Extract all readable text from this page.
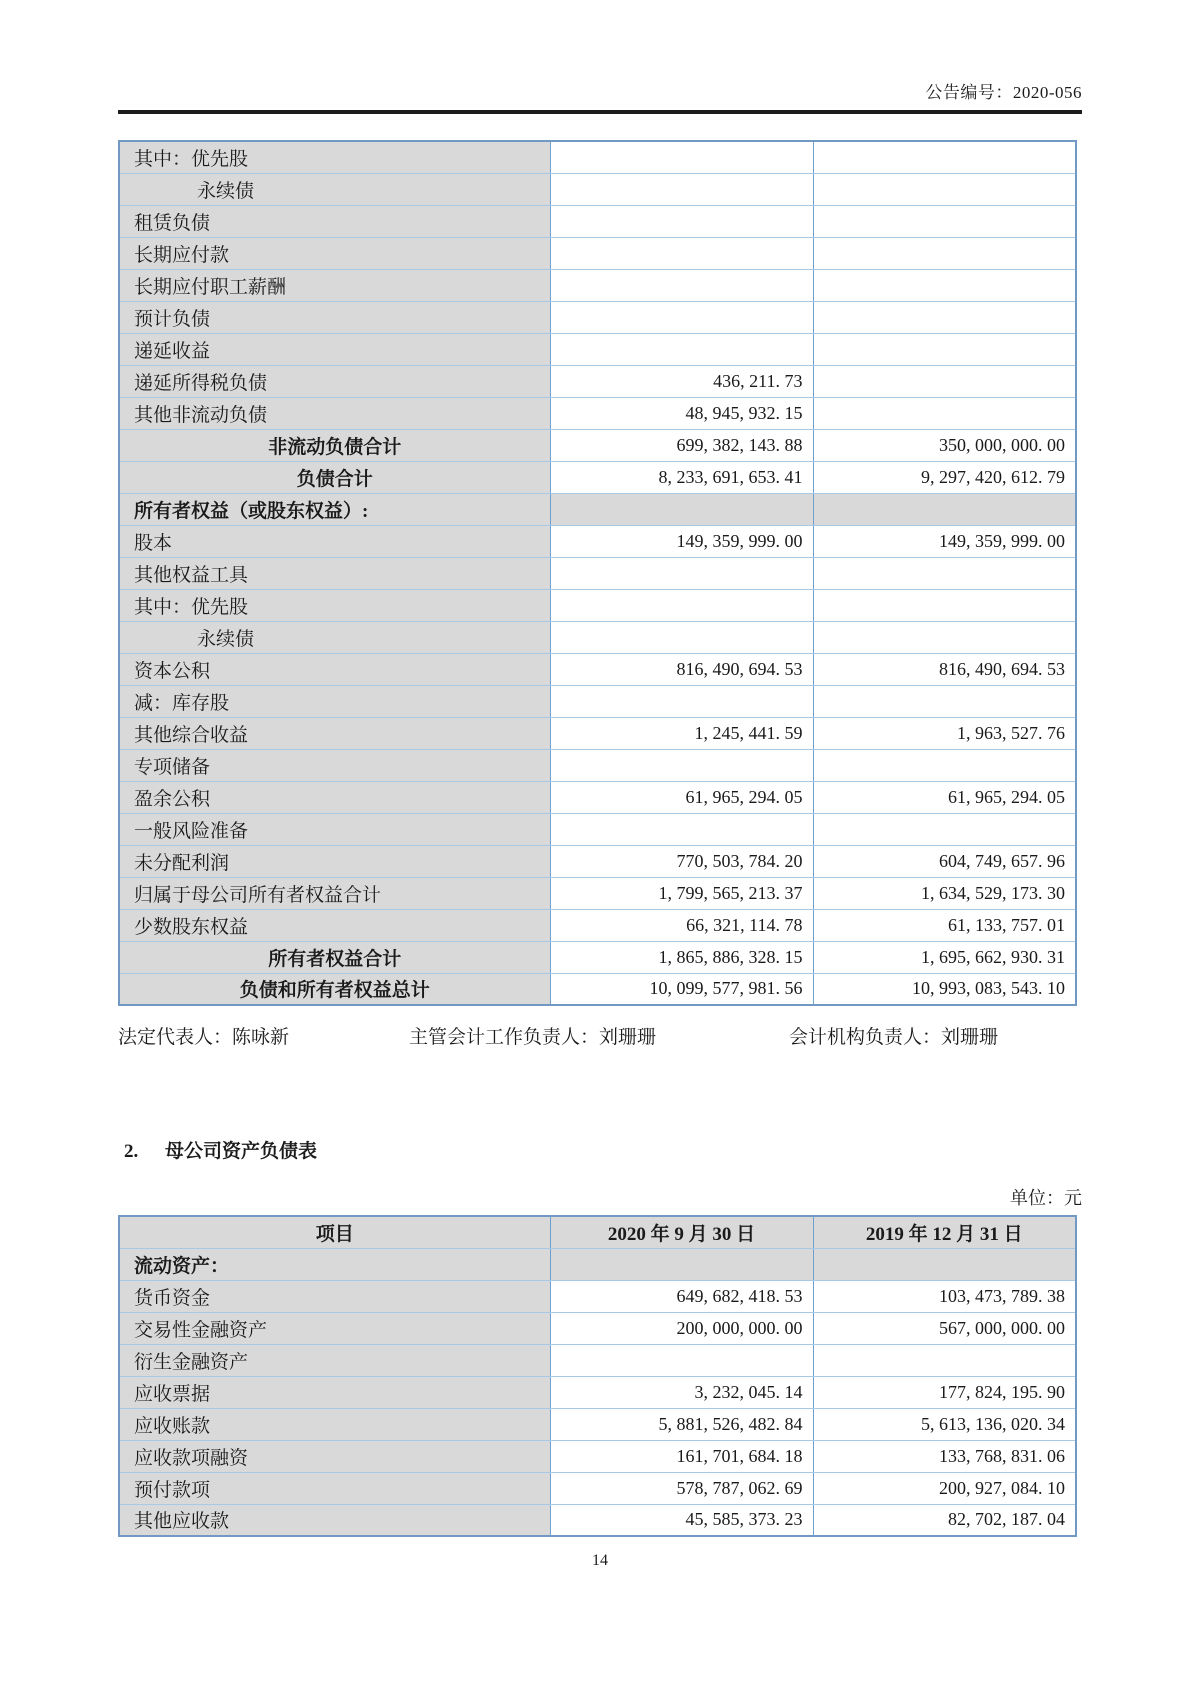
公告编号：2020-056
其中：优先股		
永续债		
租赁负债		
长期应付款		
长期应付职工薪酬		
预计负债		
递延收益		
递延所得税负债	436, 211. 73	
其他非流动负债	48, 945, 932. 15	
非流动负债合计	699, 382, 143. 88	350, 000, 000. 00
负债合计	8, 233, 691, 653. 41	9, 297, 420, 612. 79
所有者权益（或股东权益）:		
股本	149, 359, 999. 00	149, 359, 999. 00
其他权益工具		
其中：优先股		
永续债		
资本公积	816, 490, 694. 53	816, 490, 694. 53
减：库存股		
其他综合收益	1, 245, 441. 59	1, 963, 527. 76
专项储备		
盈余公积	61, 965, 294. 05	61, 965, 294. 05
一般风险准备		
未分配利润	770, 503, 784. 20	604, 749, 657. 96
归属于母公司所有者权益合计	1, 799, 565, 213. 37	1, 634, 529, 173. 30
少数股东权益	66, 321, 114. 78	61, 133, 757. 01
所有者权益合计	1, 865, 886, 328. 15	1, 695, 662, 930. 31
负债和所有者权益总计	10, 099, 577, 981. 56	10, 993, 083, 543. 10
法定代表人：陈咏新	主管会计工作负责人：刘珊珊	会计机构负责人：刘珊珊
2. 母公司资产负债表
单位：元
项目	2020 年 9 月 30 日	2019 年 12 月 31 日
流动资产：		
货币资金	649, 682, 418. 53	103, 473, 789. 38
交易性金融资产	200, 000, 000. 00	567, 000, 000. 00
衍生金融资产		
应收票据	3, 232, 045. 14	177, 824, 195. 90
应收账款	5, 881, 526, 482. 84	5, 613, 136, 020. 34
应收款项融资	161, 701, 684. 18	133, 768, 831. 06
预付款项	578, 787, 062. 69	200, 927, 084. 10
其他应收款	45, 585, 373. 23	82, 702, 187. 04
14
